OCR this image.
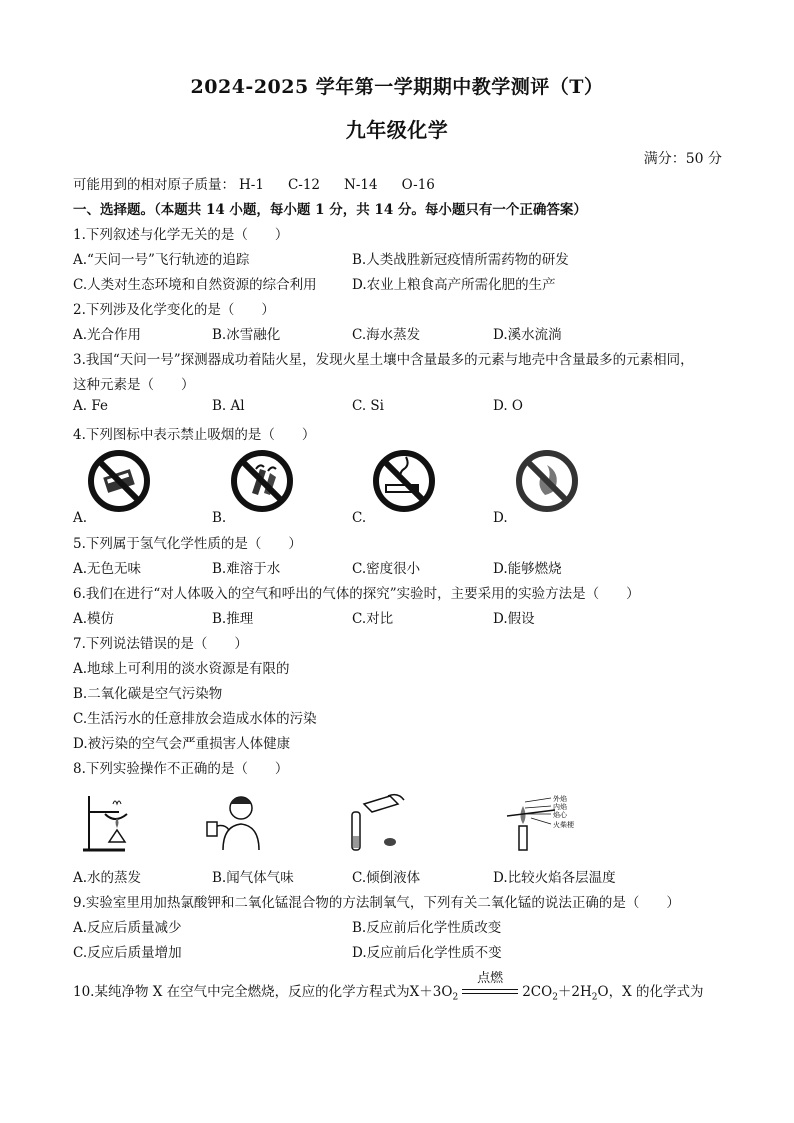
2024-2025 学年第一学期期中教学测评（T）
九年级化学
满分：50 分
可能用到的相对原子质量： H-1 C-12 N-14 O-16
一、选择题。（本题共 14 小题，每小题 1 分，共 14 分。每小题只有一个正确答案）
1.下列叙述与化学无关的是（　　）
A.“天问一号”飞行轨迹的追踪	B.人类战胜新冠疫情所需药物的研发
C.人类对生态环境和自然资源的综合利用	D.农业上粮食高产所需化肥的生产
2.下列涉及化学变化的是（　　）
A.光合作用	B.冰雪融化	C.海水蒸发	D.溪水流淌
3.我国“天问一号”探测器成功着陆火星，发现火星土壤中含量最多的元素与地壳中含量最多的元素相同，
这种元素是（　　）
A. Fe	B. Al	C. Si	D. O
4.下列图标中表示禁止吸烟的是（　　）
A.	B.	C.	D.
5.下列属于氢气化学性质的是（　　）
A.无色无味	B.难溶于水	C.密度很小	D.能够燃烧
6.我们在进行“对人体吸入的空气和呼出的气体的探究”实验时，主要采用的实验方法是（　　）
A.模仿	B.推理	C.对比	D.假设
7.下列说法错误的是（　　）
A.地球上可利用的淡水资源是有限的
B.二氧化碳是空气污染物
C.生活污水的任意排放会造成水体的污染
D.被污染的空气会严重损害人体健康
8.下列实验操作不正确的是（　　）
外焰
内焰
焰心
火柴梗
A.水的蒸发	B.闻气体气味	C.倾倒液体	D.比较火焰各层温度
9.实验室里用加热氯酸钾和二氧化锰混合物的方法制氧气，下列有关二氧化锰的说法正确的是（　　）
A.反应后质量减少	B.反应前后化学性质改变
C.反应后质量增加	D.反应前后化学性质不变
10.某纯净物 X 在空气中完全燃烧，反应的化学方程式为$X+3O_2$
点燃
$2CO_2+2H_2O$，X 的化学式为
